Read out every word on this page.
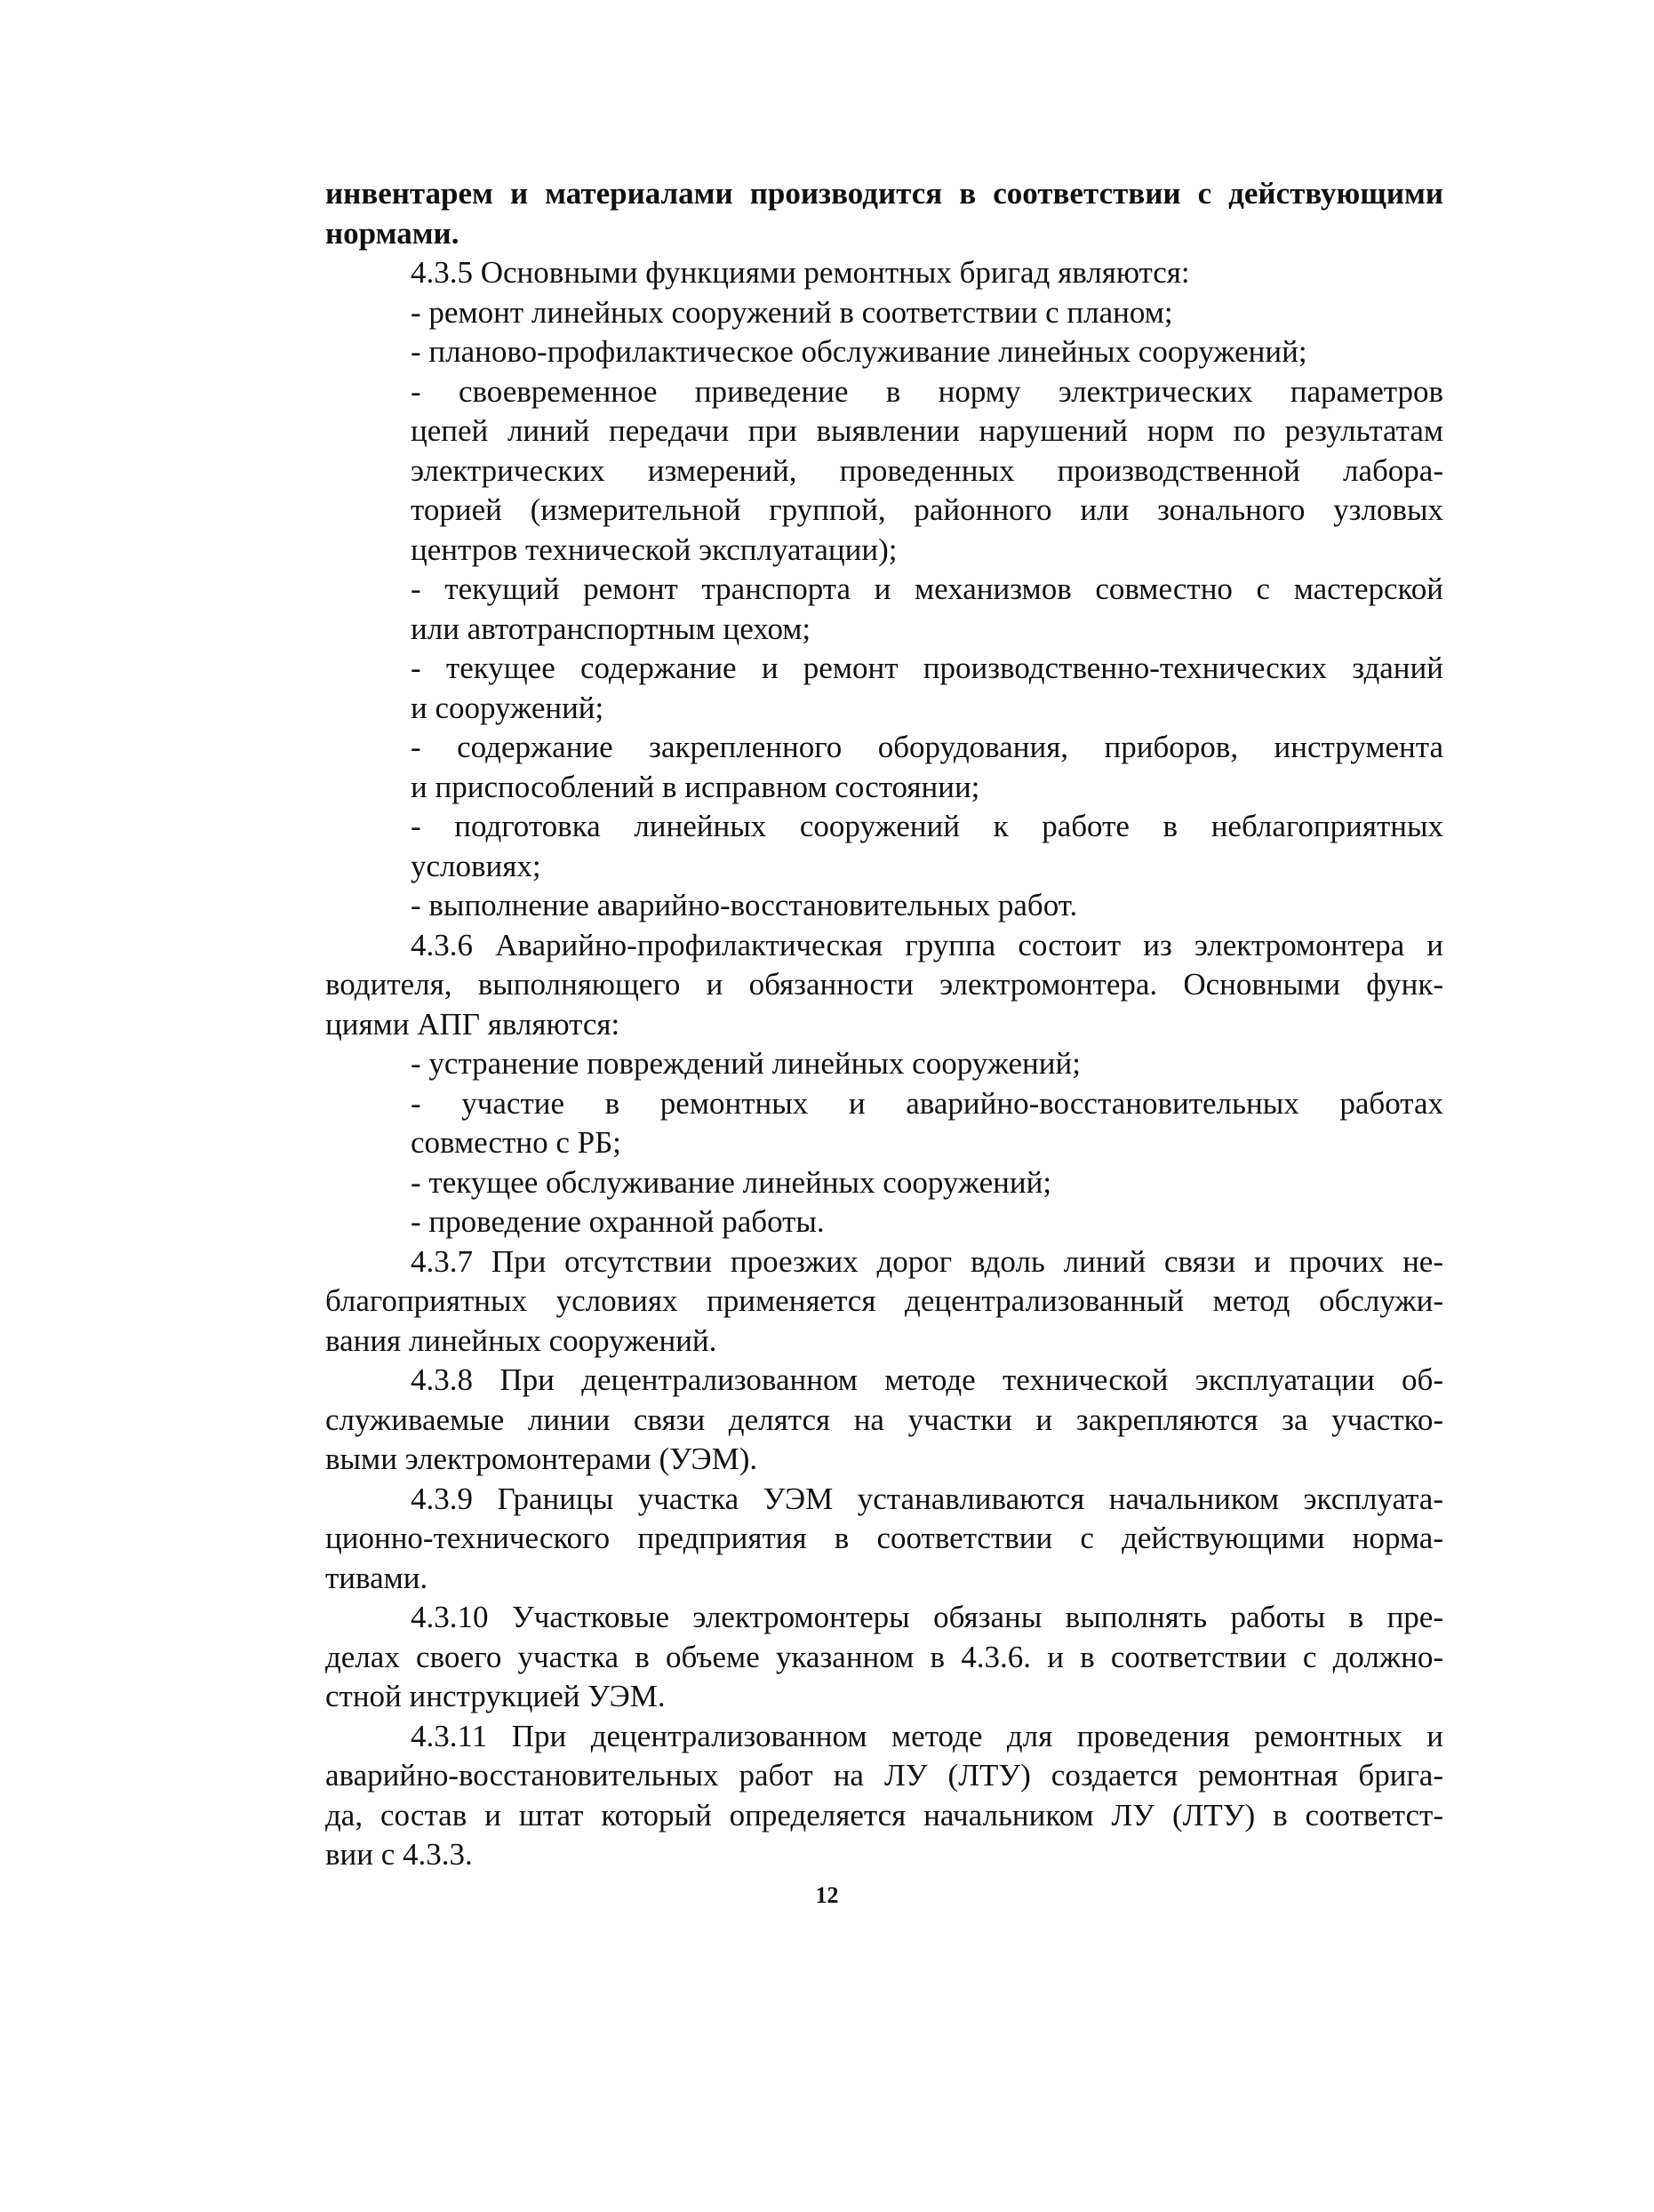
инвентарем и материалами производится в соответствии с действующими
нормами.
4.3.5 Основными функциями ремонтных бригад являются:
- ремонт линейных сооружений в соответствии с планом;
- планово-профилактическое обслуживание линейных сооружений;
- своевременное приведение в норму электрических параметров
цепей линий передачи при выявлении нарушений норм по результатам
электрических измерений, проведенных производственной лабора-
торией (измерительной группой, районного или зонального узловых
центров технической эксплуатации);
- текущий ремонт транспорта и механизмов совместно с мастерской
или автотранспортным цехом;
- текущее содержание и ремонт производственно-технических зданий
и сооружений;
- содержание закрепленного оборудования, приборов, инструмента
и приспособлений в исправном состоянии;
- подготовка линейных сооружений к работе в неблагоприятных
условиях;
- выполнение аварийно-восстановительных работ.
4.3.6 Аварийно-профилактическая группа состоит из электромонтера и
водителя, выполняющего и обязанности электромонтера. Основными функ-
циями АПГ являются:
- устранение повреждений линейных сооружений;
- участие в ремонтных и аварийно-восстановительных работах
совместно с РБ;
- текущее обслуживание линейных сооружений;
- проведение охранной работы.
4.3.7 При отсутствии проезжих дорог вдоль линий связи и прочих не-
благоприятных условиях применяется децентрализованный метод обслужи-
вания линейных сооружений.
4.3.8 При децентрализованном методе технической эксплуатации об-
служиваемые линии связи делятся на участки и закрепляются за участко-
выми электромонтерами (УЭМ).
4.3.9 Границы участка УЭМ устанавливаются начальником эксплуата-
ционно-технического предприятия в соответствии с действующими норма-
тивами.
4.3.10 Участковые электромонтеры обязаны выполнять работы в пре-
делах своего участка в объеме указанном в 4.3.6. и в соответствии с должно-
стной инструкцией УЭМ.
4.3.11 При децентрализованном методе для проведения ремонтных и
аварийно-восстановительных работ на ЛУ (ЛТУ) создается ремонтная брига-
да, состав и штат который определяется начальником ЛУ (ЛТУ) в соответст-
вии с 4.3.3.
12
